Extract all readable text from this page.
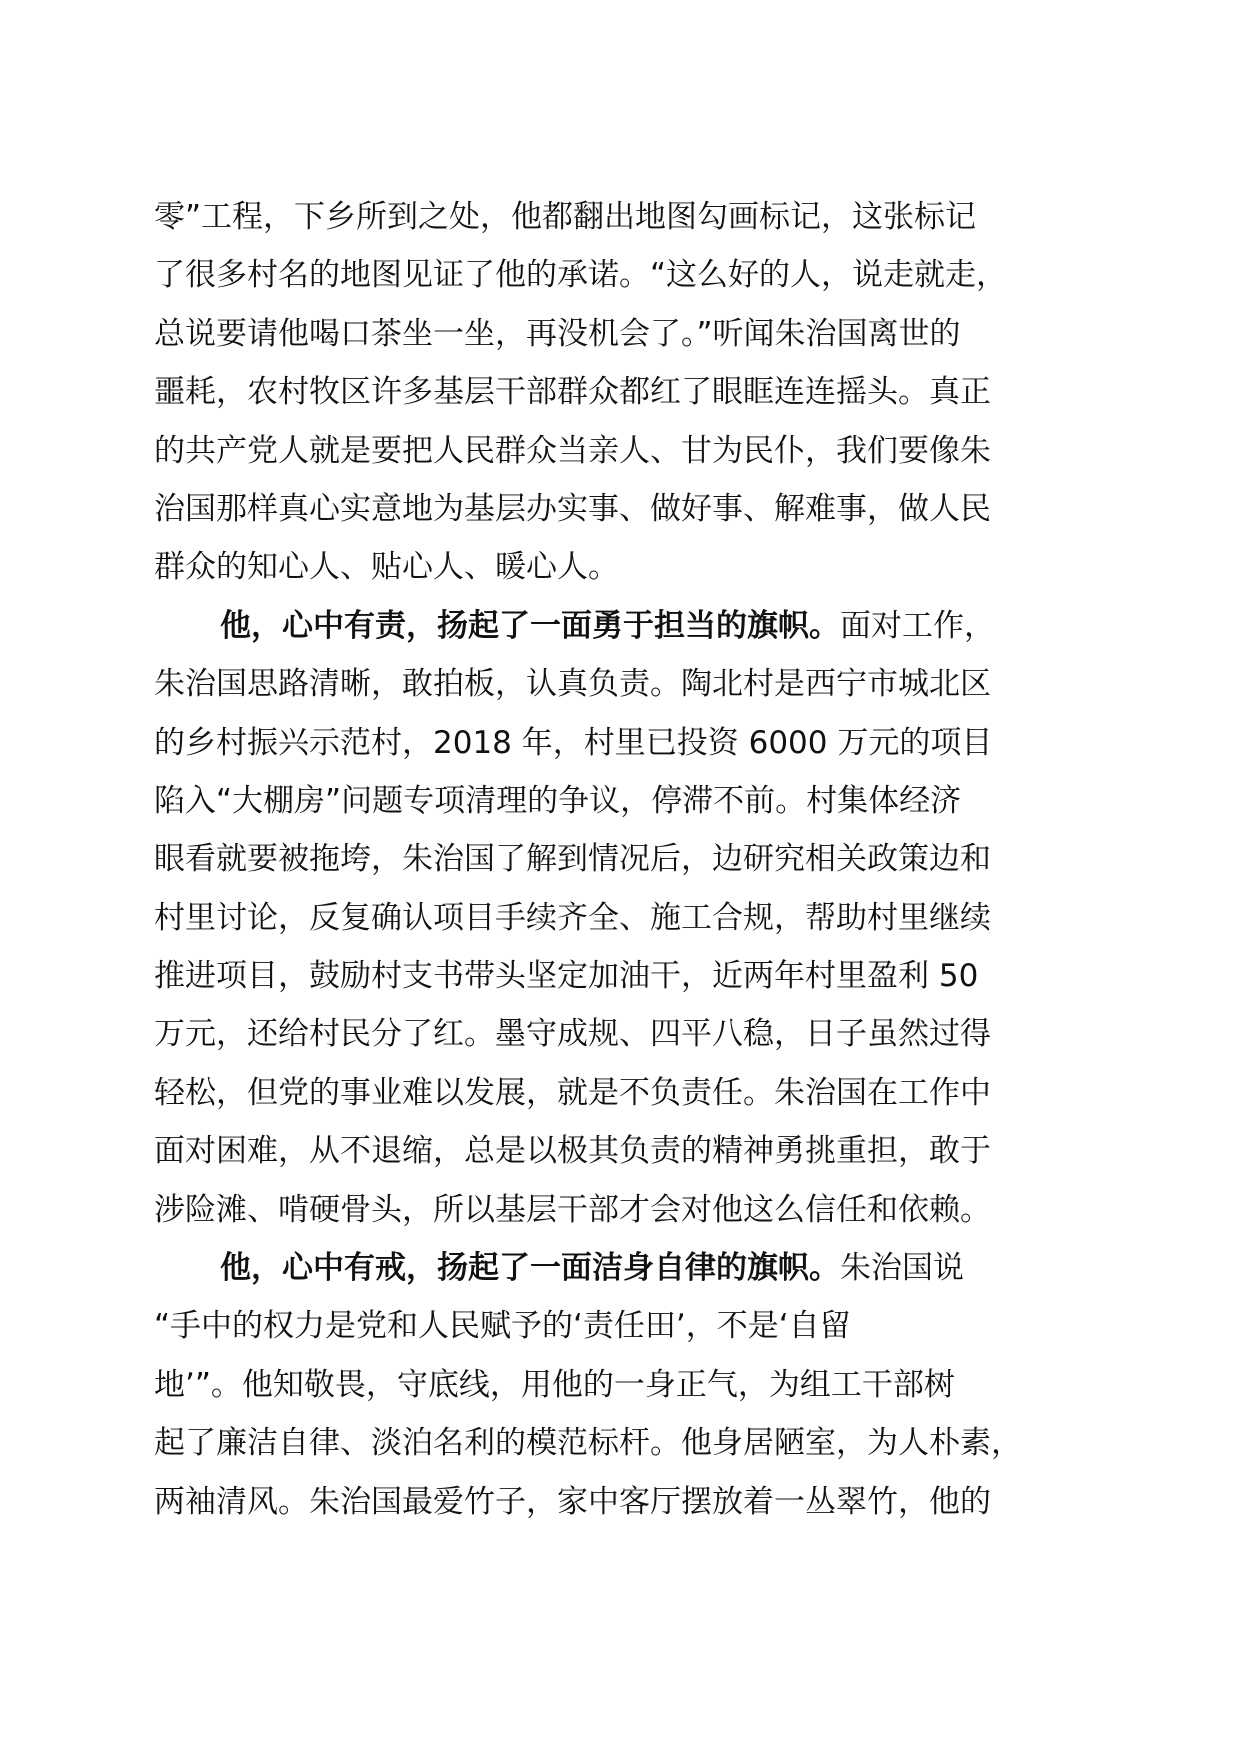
零”工程，下乡所到之处，他都翻出地图勾画标记，这张标记
了很多村名的地图见证了他的承诺。“这么好的人，说走就走，
总说要请他喝口茶坐一坐，再没机会了。”听闻朱治国离世的
噩耗，农村牧区许多基层干部群众都红了眼眶连连摇头。真正
的共产党人就是要把人民群众当亲人、甘为民仆，我们要像朱
治国那样真心实意地为基层办实事、做好事、解难事，做人民
群众的知心人、贴心人、暖心人。
他，心中有责，扬起了一面勇于担当的旗帜。面对工作，
朱治国思路清晰，敢拍板，认真负责。陶北村是西宁市城北区
的乡村振兴示范村，2018 年，村里已投资 6000 万元的项目
陷入“大棚房”问题专项清理的争议，停滞不前。村集体经济
眼看就要被拖垮，朱治国了解到情况后，边研究相关政策边和
村里讨论，反复确认项目手续齐全、施工合规，帮助村里继续
推进项目，鼓励村支书带头坚定加油干，近两年村里盈利 50
万元，还给村民分了红。墨守成规、四平八稳，日子虽然过得
轻松，但党的事业难以发展，就是不负责任。朱治国在工作中
面对困难，从不退缩，总是以极其负责的精神勇挑重担，敢于
涉险滩、啃硬骨头，所以基层干部才会对他这么信任和依赖。
他，心中有戒，扬起了一面洁身自律的旗帜。朱治国说
“手中的权力是党和人民赋予的‘责任田’，不是‘自留
地’”。他知敬畏，守底线，用他的一身正气，为组工干部树
起了廉洁自律、淡泊名利的模范标杆。他身居陋室，为人朴素，
两袖清风。朱治国最爱竹子，家中客厅摆放着一丛翠竹，他的
